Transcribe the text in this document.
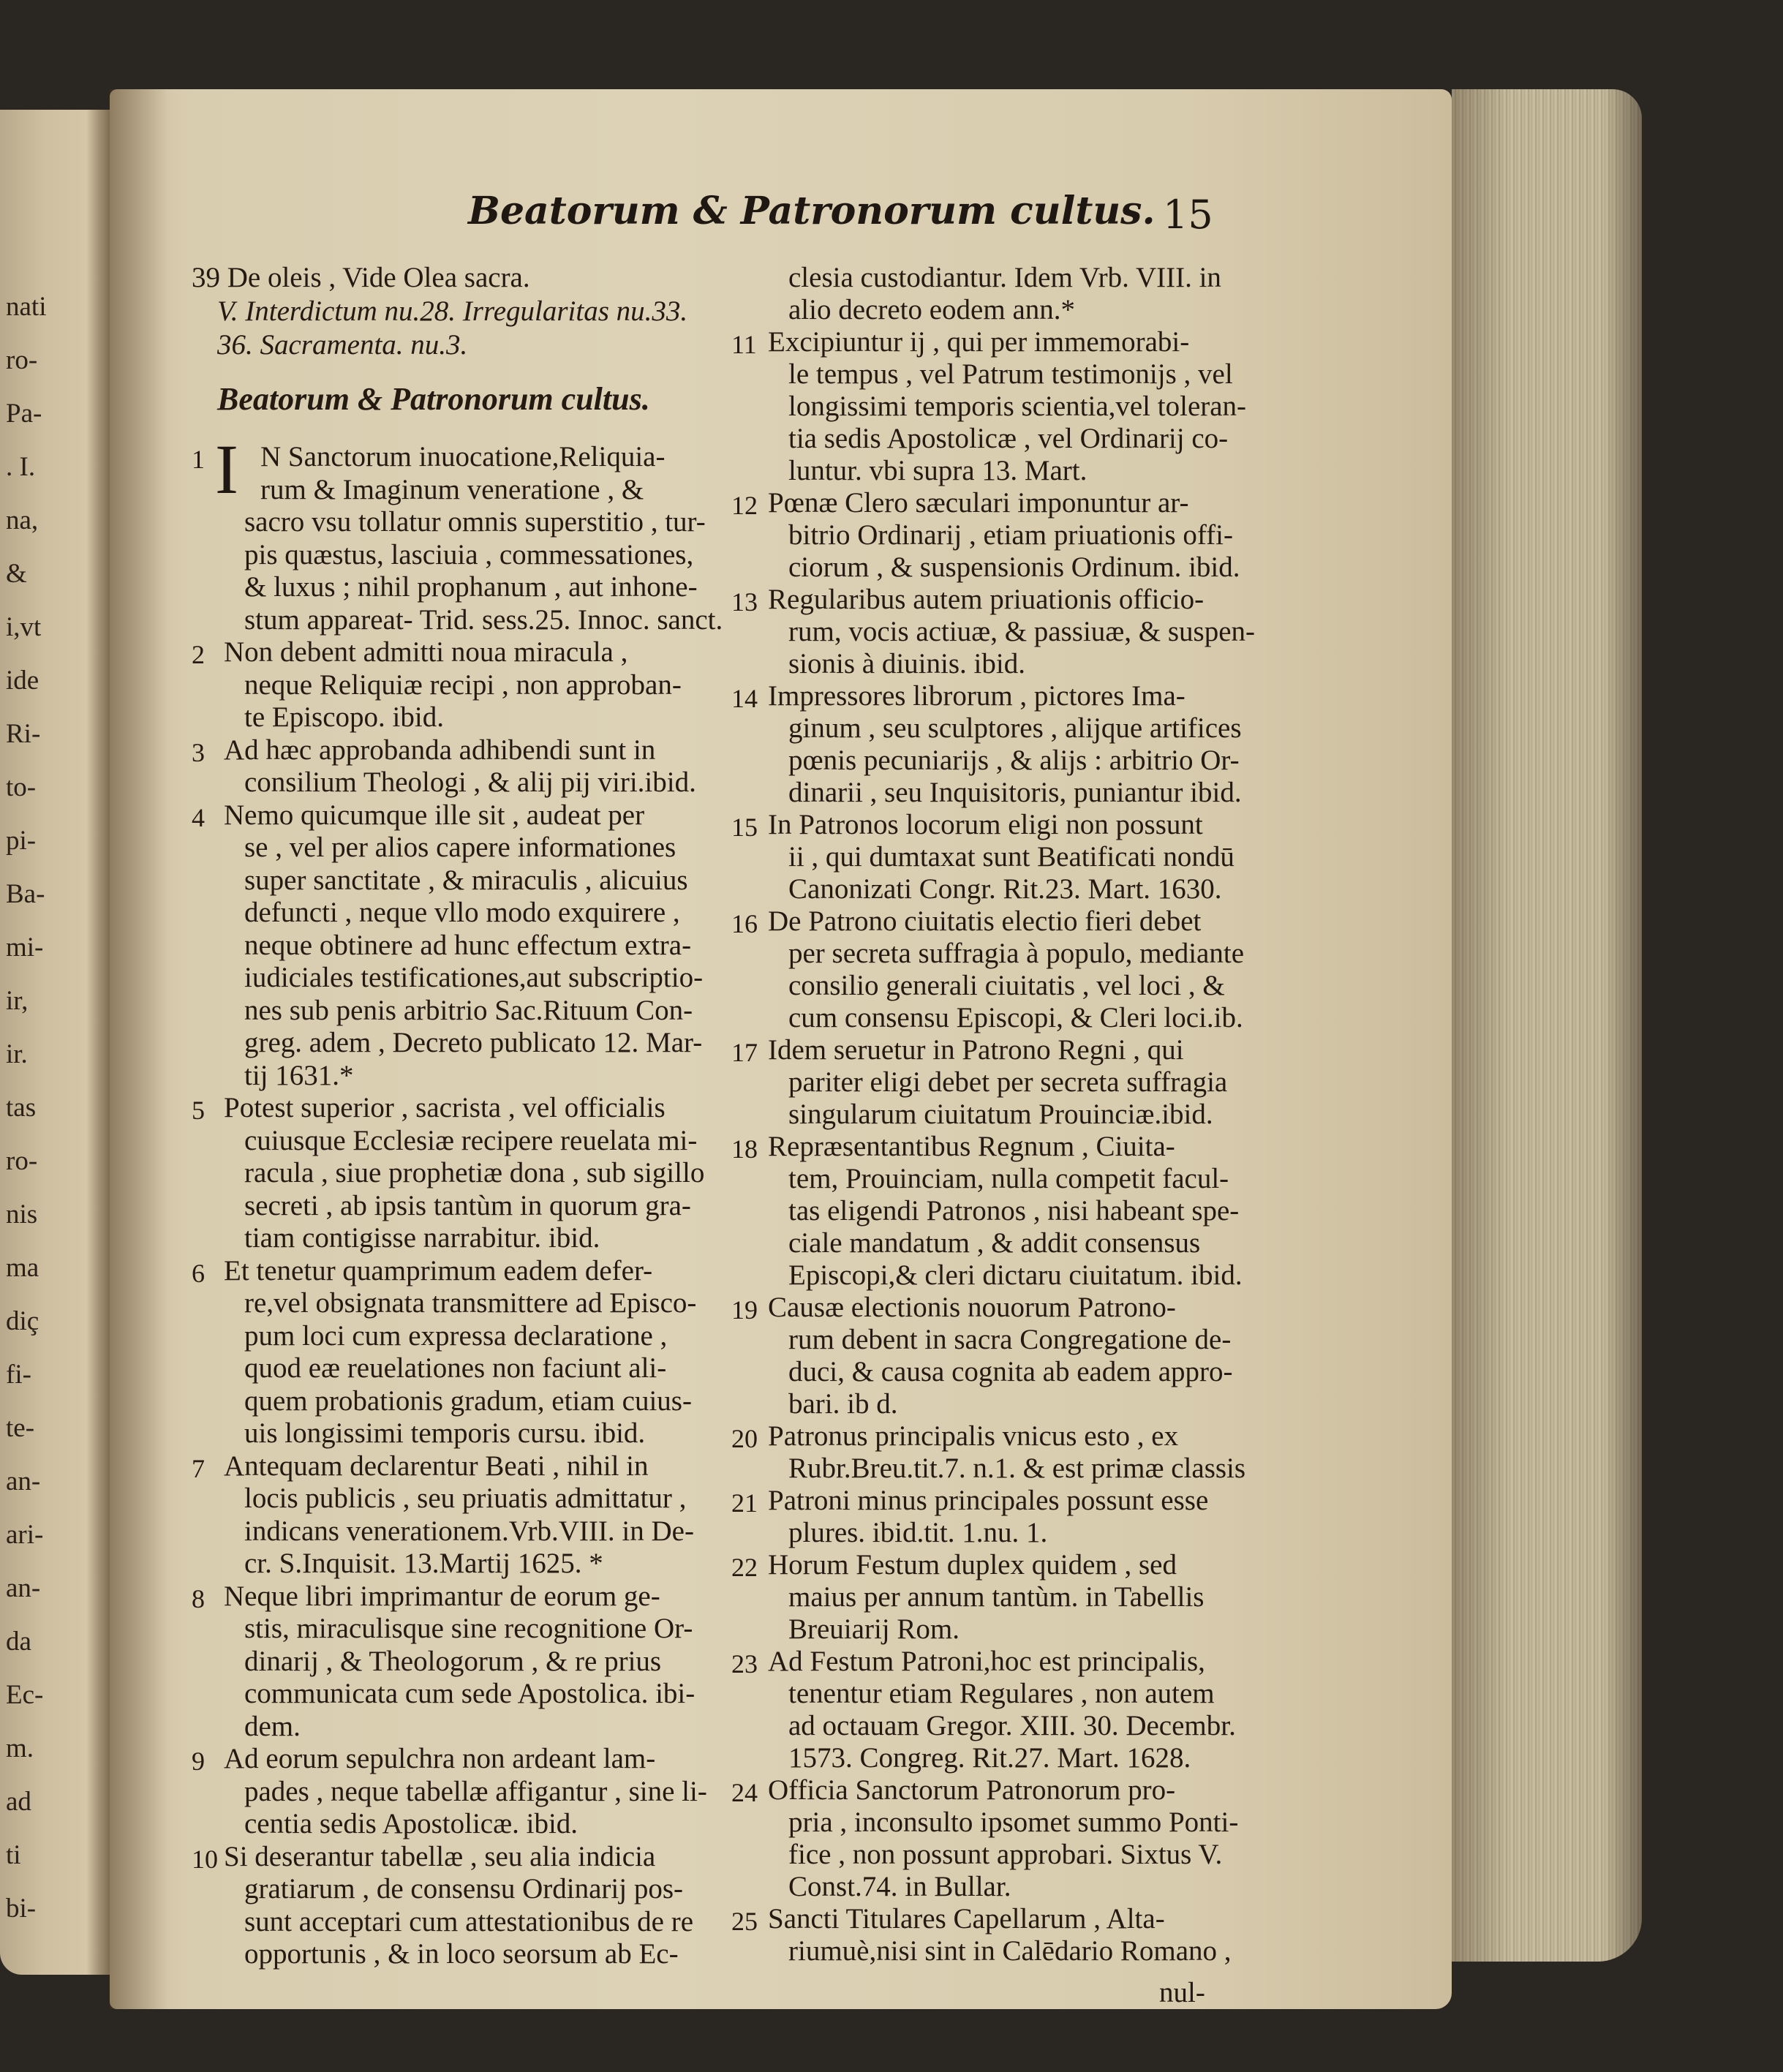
nati
ro-
Pa-
. I.
na,
&
i,vt
ide
Ri-
to-
pi-
Ba-
mi-
ir,
ir.
tas
ro-
nis
ma
diç
fi-
te-
an-
ari-
an-
da
Ec-
m.
ad
ti
bi-
Beatorum & Patronorum cultus. 15
39 De oleis , Vide Olea sacra.
V. Interdictum nu.28. Irregularitas nu.33.
36. Sacramenta. nu.3.
Beatorum & Patronorum cultus.
I
1 N Sanctorum inuocatione,Reliquia-
rum & Imaginum veneratione , &
sacro vsu tollatur omnis superstitio , tur-
pis quæstus, lasciuia , commessationes,
& luxus ; nihil prophanum , aut inhone-
stum appareat- Trid. sess.25. Innoc. sanct.
2 Non debent admitti noua miracula ,
neque Reliquiæ recipi , non approban-
te Episcopo. ibid.
3 Ad hæc approbanda adhibendi sunt in
consilium Theologi , & alij pij viri.ibid.
4 Nemo quicumque ille sit , audeat per
se , vel per alios capere informationes
super sanctitate , & miraculis , alicuius
defuncti , neque vllo modo exquirere ,
neque obtinere ad hunc effectum extra-
iudiciales testificationes,aut subscriptio-
nes sub penis arbitrio Sac.Rituum Con-
greg. adem , Decreto publicato 12. Mar-
tij 1631.*
5 Potest superior , sacrista , vel officialis
cuiusque Ecclesiæ recipere reuelata mi-
racula , siue prophetiæ dona , sub sigillo
secreti , ab ipsis tantùm in quorum gra-
tiam contigisse narrabitur. ibid.
6 Et tenetur quamprimum eadem defer-
re,vel obsignata transmittere ad Episco-
pum loci cum expressa declaratione ,
quod eæ reuelationes non faciunt ali-
quem probationis gradum, etiam cuius-
uis longissimi temporis cursu. ibid.
7 Antequam declarentur Beati , nihil in
locis publicis , seu priuatis admittatur ,
indicans venerationem.Vrb.VIII. in De-
cr. S.Inquisit. 13.Martij 1625. *
8 Neque libri imprimantur de eorum ge-
stis, miraculisque sine recognitione Or-
dinarij , & Theologorum , & re prius
communicata cum sede Apostolica. ibi-
dem.
9 Ad eorum sepulchra non ardeant lam-
pades , neque tabellæ affigantur , sine li-
centia sedis Apostolicæ. ibid.
10 Si deserantur tabellæ , seu alia indicia
gratiarum , de consensu Ordinarij pos-
sunt acceptari cum attestationibus de re
opportunis , & in loco seorsum ab Ec-
clesia custodiantur. Idem Vrb. VIII. in
alio decreto eodem ann.*
11 Excipiuntur ij , qui per immemorabi-
le tempus , vel Patrum testimonijs , vel
longissimi temporis scientia,vel toleran-
tia sedis Apostolicæ , vel Ordinarij co-
luntur. vbi supra 13. Mart.
12 Pœnæ Clero sæculari imponuntur ar-
bitrio Ordinarij , etiam priuationis offi-
ciorum , & suspensionis Ordinum. ibid.
13 Regularibus autem priuationis officio-
rum, vocis actiuæ, & passiuæ, & suspen-
sionis à diuinis. ibid.
14 Impressores librorum , pictores Ima-
ginum , seu sculptores , alijque artifices
pœnis pecuniarijs , & alijs : arbitrio Or-
dinarii , seu Inquisitoris, puniantur ibid.
15 In Patronos locorum eligi non possunt
ii , qui dumtaxat sunt Beatificati nondū
Canonizati Congr. Rit.23. Mart. 1630.
16 De Patrono ciuitatis electio fieri debet
per secreta suffragia à populo, mediante
consilio generali ciuitatis , vel loci , &
cum consensu Episcopi, & Cleri loci.ib.
17 Idem seruetur in Patrono Regni , qui
pariter eligi debet per secreta suffragia
singularum ciuitatum Prouinciæ.ibid.
18 Repræsentantibus Regnum , Ciuita-
tem, Prouinciam, nulla competit facul-
tas eligendi Patronos , nisi habeant spe-
ciale mandatum , & addit consensus
Episcopi,& cleri dictaru ciuitatum. ibid.
19 Causæ electionis nouorum Patrono-
rum debent in sacra Congregatione de-
duci, & causa cognita ab eadem appro-
bari. ib d.
20 Patronus principalis vnicus esto , ex
Rubr.Breu.tit.7. n.1. & est primæ classis
21 Patroni minus principales possunt esse
plures. ibid.tit. 1.nu. 1.
22 Horum Festum duplex quidem , sed
maius per annum tantùm. in Tabellis
Breuiarij Rom.
23 Ad Festum Patroni,hoc est principalis,
tenentur etiam Regulares , non autem
ad octauam Gregor. XIII. 30. Decembr.
1573. Congreg. Rit.27. Mart. 1628.
24 Officia Sanctorum Patronorum pro-
pria , inconsulto ipsomet summo Ponti-
fice , non possunt approbari. Sixtus V.
Const.74. in Bullar.
25 Sancti Titulares Capellarum , Alta-
riumuè,nisi sint in Calēdario Romano ,
nul-
